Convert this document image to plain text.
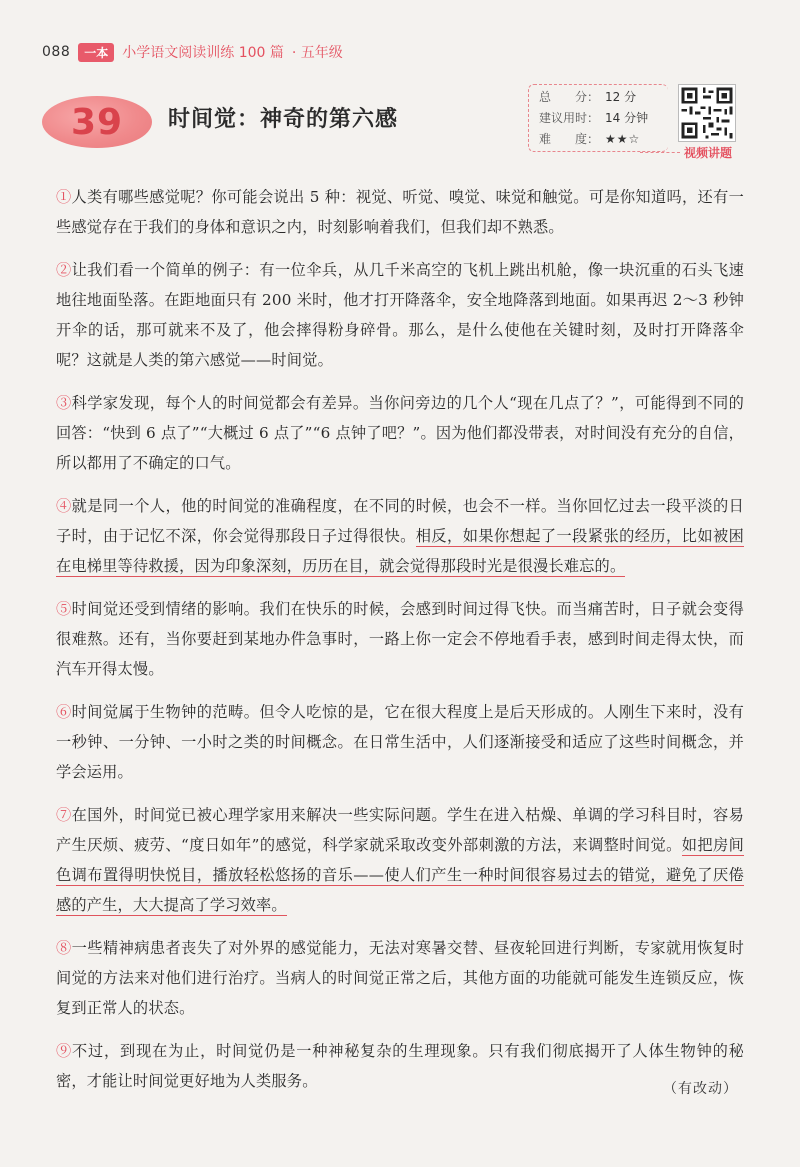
088	一本	小学语文阅读训练 100 篇 · 五年级
39 时间觉：神奇的第六感
总　　分： 12 分
建议用时： 14 分钟
难　　度： ★★☆
视频讲题

①人类有哪些感觉呢？你可能会说出 5 种：视觉、听觉、嗅觉、味觉和触觉。可是你知道吗，还有一些感觉存在于我们的身体和意识之内，时刻影响着我们，但我们却不熟悉。

②让我们看一个简单的例子：有一位伞兵，从几千米高空的飞机上跳出机舱，像一块沉重的石头飞速地往地面坠落。在距地面只有 200 米时，他才打开降落伞，安全地降落到地面。如果再迟 2～3 秒钟开伞的话，那可就来不及了，他会摔得粉身碎骨。那么，是什么使他在关键时刻，及时打开降落伞呢？这就是人类的第六感觉——时间觉。

③科学家发现，每个人的时间觉都会有差异。当你问旁边的几个人“现在几点了？”，可能得到不同的回答：“快到 6 点了”“大概过 6 点了”“6 点钟了吧？”。因为他们都没带表，对时间没有充分的自信，所以都用了不确定的口气。

④就是同一个人，他的时间觉的准确程度，在不同的时候，也会不一样。当你回忆过去一段平淡的日子时，由于记忆不深，你会觉得那段日子过得很快。相反，如果你想起了一段紧张的经历，比如被困在电梯里等待救援，因为印象深刻，历历在目，就会觉得那段时光是很漫长难忘的。

⑤时间觉还受到情绪的影响。我们在快乐的时候，会感到时间过得飞快。而当痛苦时，日子就会变得很难熬。还有，当你要赶到某地办件急事时，一路上你一定会不停地看手表，感到时间走得太快，而汽车开得太慢。

⑥时间觉属于生物钟的范畴。但令人吃惊的是，它在很大程度上是后天形成的。人刚生下来时，没有一秒钟、一分钟、一小时之类的时间概念。在日常生活中，人们逐渐接受和适应了这些时间概念，并学会运用。

⑦在国外，时间觉已被心理学家用来解决一些实际问题。学生在进入枯燥、单调的学习科目时，容易产生厌烦、疲劳、“度日如年”的感觉，科学家就采取改变外部刺激的方法，来调整时间觉。如把房间色调布置得明快悦目，播放轻松悠扬的音乐——使人们产生一种时间很容易过去的错觉，避免了厌倦感的产生，大大提高了学习效率。

⑧一些精神病患者丧失了对外界的感觉能力，无法对寒暑交替、昼夜轮回进行判断，专家就用恢复时间觉的方法来对他们进行治疗。当病人的时间觉正常之后，其他方面的功能就可能发生连锁反应，恢复到正常人的状态。

⑨不过，到现在为止，时间觉仍是一种神秘复杂的生理现象。只有我们彻底揭开了人体生物钟的秘密，才能让时间觉更好地为人类服务。	（有改动）
